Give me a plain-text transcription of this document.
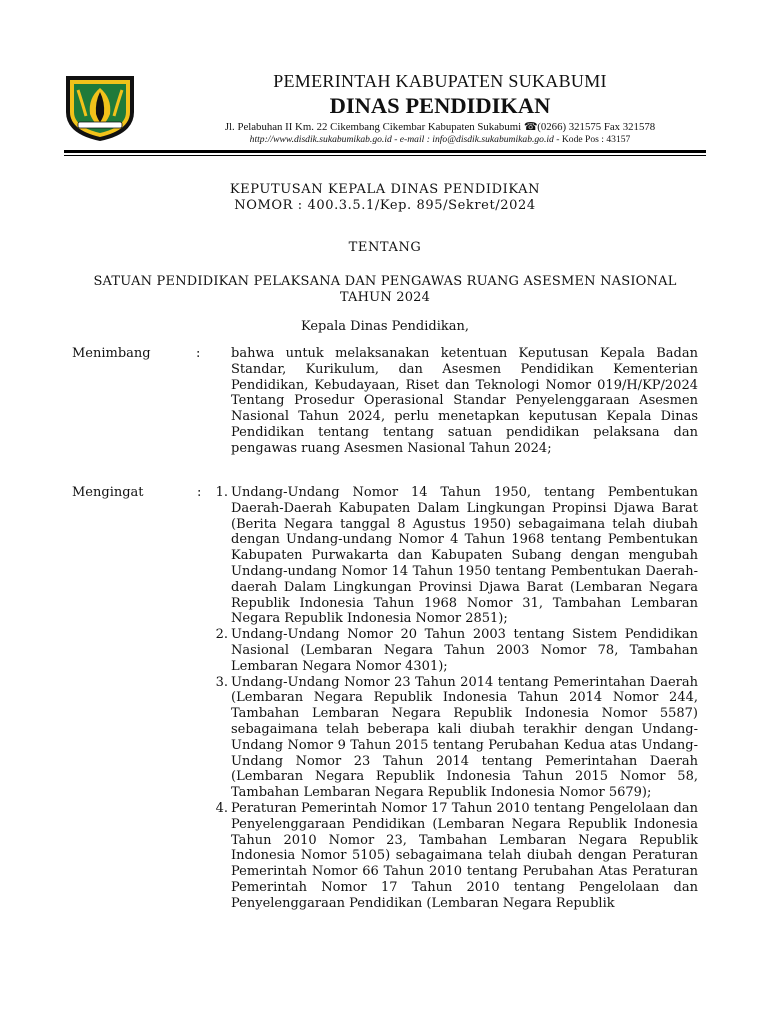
PEMERINTAH KABUPATEN SUKABUMI
DINAS PENDIDIKAN
Jl. Pelabuhan II Km. 22 Cikembang Cikembar Kabupaten Sukabumi ☎(0266) 321575 Fax 321578
http://www.disdik.sukabumikab.go.id - e-mail : info@disdik.sukabumikab.go.id - Kode Pos : 43157
KEPUTUSAN KEPALA DINAS PENDIDIKAN
NOMOR : 400.3.5.1/Kep. 895/Sekret/2024
TENTANG
SATUAN PENDIDIKAN PELAKSANA DAN PENGAWAS RUANG ASESMEN NASIONAL
TAHUN 2024
Kepala Dinas Pendidikan,
Menimbang	: bahwa untuk melaksanakan ketentuan Keputusan Kepala Badan Standar, Kurikulum, dan Asesmen Pendidikan Kementerian Pendidikan, Kebudayaan, Riset dan Teknologi Nomor 019/H/KP/2024 Tentang Prosedur Operasional Standar Penyelenggaraan Asesmen Nasional Tahun 2024, perlu menetapkan keputusan Kepala Dinas Pendidikan tentang tentang satuan pendidikan pelaksana dan pengawas ruang Asesmen Nasional Tahun 2024;
Mengingat	:	1. Undang-Undang Nomor 14 Tahun 1950, tentang Pembentukan Daerah-Daerah Kabupaten Dalam Lingkungan Propinsi Djawa Barat (Berita Negara tanggal 8 Agustus 1950) sebagaimana telah diubah dengan Undang-undang Nomor 4 Tahun 1968 tentang Pembentukan Kabupaten Purwakarta dan Kabupaten Subang dengan mengubah Undang-undang Nomor 14 Tahun 1950 tentang Pembentukan Daerah-daerah Dalam Lingkungan Provinsi Djawa Barat (Lembaran Negara Republik Indonesia Tahun 1968 Nomor 31, Tambahan Lembaran Negara Republik Indonesia Nomor 2851);
2. Undang-Undang Nomor 20 Tahun 2003 tentang Sistem Pendidikan Nasional (Lembaran Negara Tahun 2003 Nomor 78, Tambahan Lembaran Negara Nomor 4301);
3. Undang-Undang Nomor 23 Tahun 2014 tentang Pemerintahan Daerah (Lembaran Negara Republik Indonesia Tahun 2014 Nomor 244, Tambahan Lembaran Negara Republik Indonesia Nomor 5587) sebagaimana telah beberapa kali diubah terakhir dengan Undang-Undang Nomor 9 Tahun 2015 tentang Perubahan Kedua atas Undang-Undang Nomor 23 Tahun 2014 tentang Pemerintahan Daerah (Lembaran Negara Republik Indonesia Tahun 2015 Nomor 58, Tambahan Lembaran Negara Republik Indonesia Nomor 5679);
4. Peraturan Pemerintah Nomor 17 Tahun 2010 tentang Pengelolaan dan Penyelenggaraan Pendidikan (Lembaran Negara Republik Indonesia Tahun 2010 Nomor 23, Tambahan Lembaran Negara Republik Indonesia Nomor 5105) sebagaimana telah diubah dengan Peraturan Pemerintah Nomor 66 Tahun 2010 tentang Perubahan Atas Peraturan Pemerintah Nomor 17 Tahun 2010 tentang Pengelolaan dan Penyelenggaraan Pendidikan (Lembaran Negara Republik
